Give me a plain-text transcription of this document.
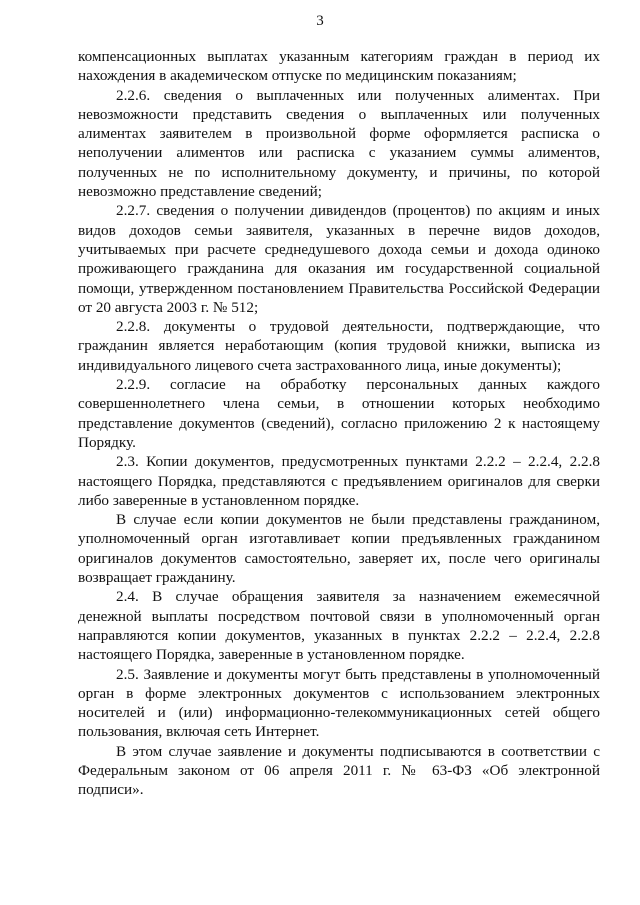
3

компенсационных выплатах указанным категориям граждан в период их нахождения в академическом отпуске по медицинским показаниям;

2.2.6. сведения о выплаченных или полученных алиментах. При невозможности представить сведения о выплаченных или полученных алиментах заявителем в произвольной форме оформляется расписка о неполучении алиментов или расписка с указанием суммы алиментов, полученных не по исполнительному документу, и причины, по которой невозможно представление сведений;

2.2.7. сведения о получении дивидендов (процентов) по акциям и иных видов доходов семьи заявителя, указанных в перечне видов доходов, учитываемых при расчете среднедушевого дохода семьи и дохода одиноко проживающего гражданина для оказания им государственной социальной помощи, утвержденном постановлением Правительства Российской Федерации от 20 августа 2003 г. № 512;

2.2.8. документы о трудовой деятельности, подтверждающие, что гражданин является неработающим (копия трудовой книжки, выписка из индивидуального лицевого счета застрахованного лица, иные документы);

2.2.9. согласие на обработку персональных данных каждого совершеннолетнего члена семьи, в отношении которых необходимо представление документов (сведений), согласно приложению 2 к настоящему Порядку.

2.3. Копии документов, предусмотренных пунктами 2.2.2 – 2.2.4, 2.2.8 настоящего Порядка, представляются с предъявлением оригиналов для сверки либо заверенные в установленном порядке.

В случае если копии документов не были представлены гражданином, уполномоченный орган изготавливает копии предъявленных гражданином оригиналов документов самостоятельно, заверяет их, после чего оригиналы возвращает гражданину.

2.4. В случае обращения заявителя за назначением ежемесячной денежной выплаты посредством почтовой связи в уполномоченный орган направляются копии документов, указанных в пунктах 2.2.2 – 2.2.4, 2.2.8 настоящего Порядка, заверенные в установленном порядке.

2.5. Заявление и документы могут быть представлены в уполномоченный орган в форме электронных документов с использованием электронных носителей и (или) информационно-телекоммуникационных сетей общего пользования, включая сеть Интернет.

В этом случае заявление и документы подписываются в соответствии с Федеральным законом от 06 апреля 2011 г. № 63-ФЗ «Об электронной подписи».
